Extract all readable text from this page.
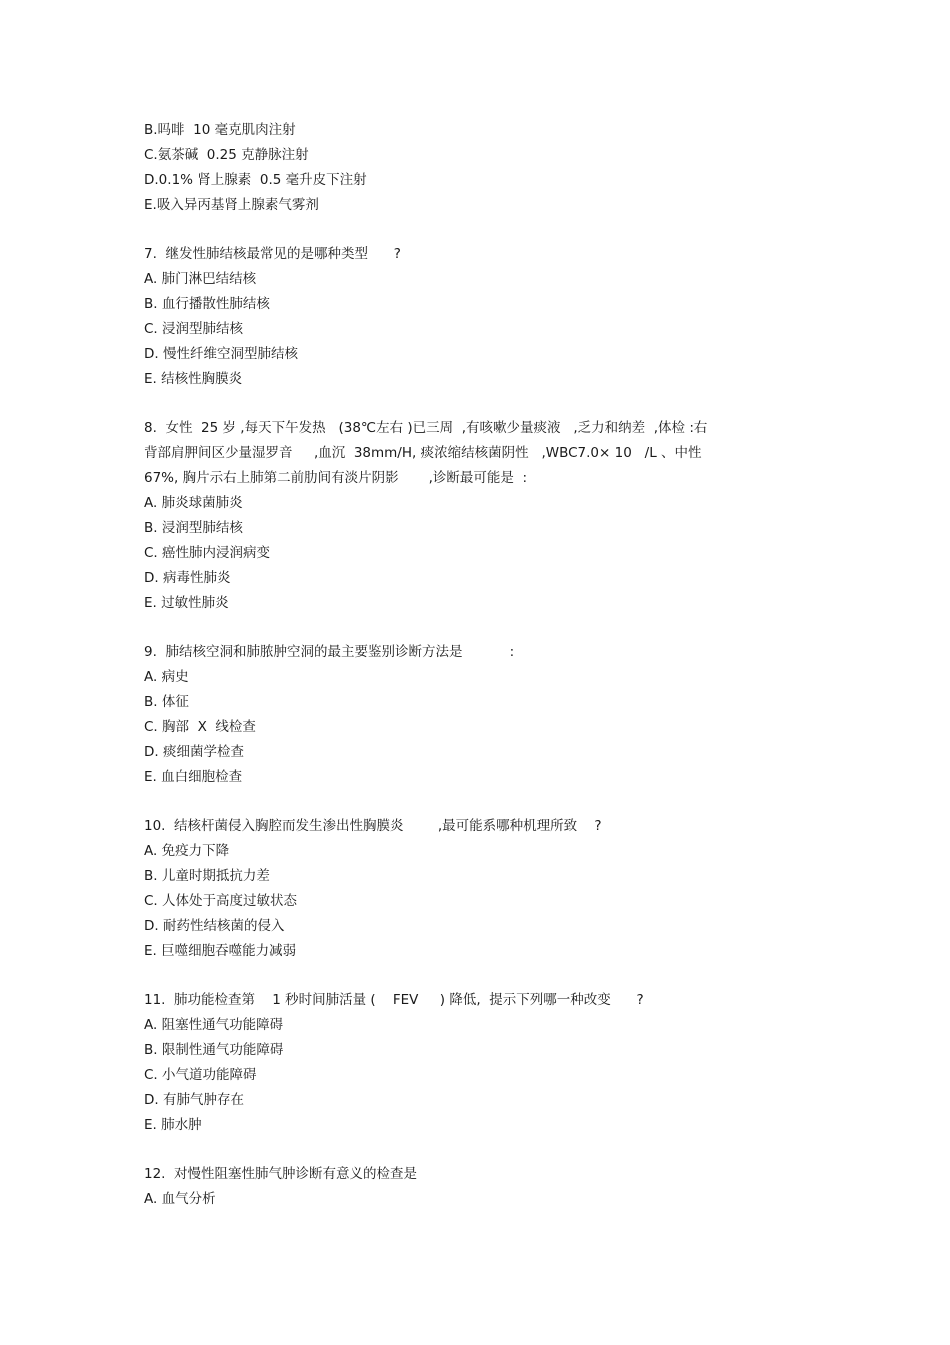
B.吗啡  10 毫克肌肉注射
C.氨茶碱  0.25 克静脉注射
D.0.1% 肾上腺素  0.5 毫升皮下注射
E.吸入异丙基肾上腺素气雾剂
7.  继发性肺结核最常见的是哪种类型      ?
A. 肺门淋巴结结核
B. 血行播散性肺结核
C. 浸润型肺结核
D. 慢性纤维空洞型肺结核
E. 结核性胸膜炎
8.  女性  25 岁 ,每天下午发热   (38℃左右 )已三周  ,有咳嗽少量痰液   ,乏力和纳差  ,体检 :右
背部肩胛间区少量湿罗音     ,血沉  38mm/H, 痰浓缩结核菌阴性   ,WBC7.0× 10   /L 、中性
67%, 胸片示右上肺第二前肋间有淡片阴影       ,诊断最可能是  :
A. 肺炎球菌肺炎
B. 浸润型肺结核
C. 癌性肺内浸润病变
D. 病毒性肺炎
E. 过敏性肺炎
9.  肺结核空洞和肺脓肿空洞的最主要鉴别诊断方法是           :
A. 病史
B. 体征
C. 胸部  X  线检查
D. 痰细菌学检查
E. 血白细胞检查
10.  结核杆菌侵入胸腔而发生渗出性胸膜炎        ,最可能系哪种机理所致    ?
A. 免疫力下降
B. 儿童时期抵抗力差
C. 人体处于高度过敏状态
D. 耐药性结核菌的侵入
E. 巨噬细胞吞噬能力减弱
11.  肺功能检查第    1 秒时间肺活量 (    FEV     ) 降低,  提示下列哪一种改变      ?
A. 阻塞性通气功能障碍
B. 限制性通气功能障碍
C. 小气道功能障碍
D. 有肺气肿存在
E. 肺水肿
12.  对慢性阻塞性肺气肿诊断有意义的检查是
A. 血气分析
